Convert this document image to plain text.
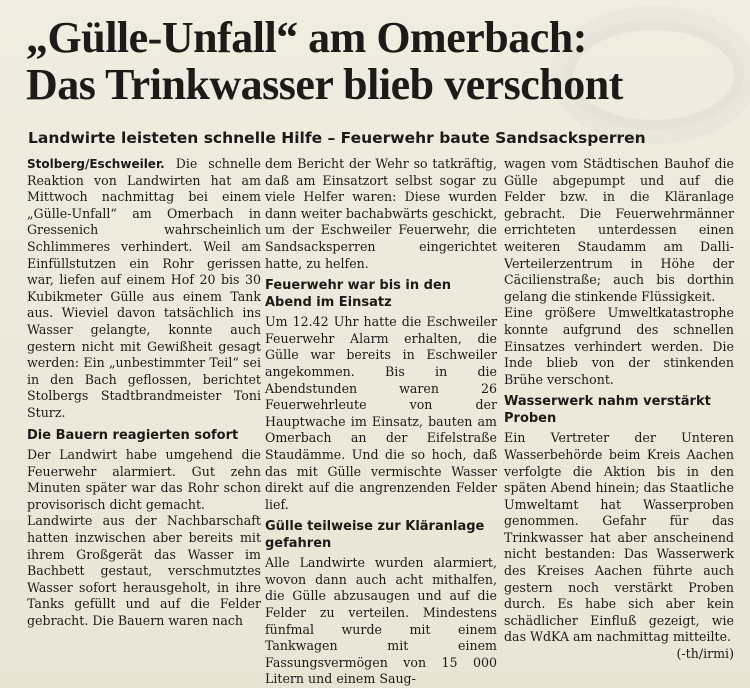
„Gülle-Unfall“ am Omerbach:
Das Trinkwasser blieb verschont
Landwirte leisteten schnelle Hilfe – Feuerwehr baute Sandsacksperren

Stolberg/Eschweiler. Die schnelle Reaktion von Landwirten hat am Mittwoch nachmittag bei einem „Gülle-Unfall“ am Omerbach in Gressenich wahrscheinlich Schlimmeres verhindert. Weil am Einfüllstutzen ein Rohr gerissen war, liefen auf einem Hof 20 bis 30 Kubikmeter Gülle aus einem Tank aus. Wieviel davon tatsächlich ins Wasser gelangte, konnte auch gestern nicht mit Gewißheit gesagt werden: Ein „unbestimmter Teil“ sei in den Bach geflossen, berichtet Stolbergs Stadtbrandmeister Toni Sturz.

Die Bauern reagierten sofort

Der Landwirt habe umgehend die Feuerwehr alarmiert. Gut zehn Minuten später war das Rohr schon provisorisch dicht gemacht.

Landwirte aus der Nachbarschaft hatten inzwischen aber bereits mit ihrem Großgerät das Wasser im Bachbett gestaut, verschmutztes Wasser sofort herausgeholt, in ihre Tanks gefüllt und auf die Felder gebracht. Die Bauern waren nach

dem Bericht der Wehr so tatkräftig, daß am Einsatzort selbst sogar zu viele Helfer waren: Diese wurden dann weiter bachabwärts geschickt, um der Eschweiler Feuerwehr, die Sandsacksperren eingerichtet hatte, zu helfen.

Feuerwehr war bis in den Abend im Einsatz

Um 12.42 Uhr hatte die Eschweiler Feuerwehr Alarm erhalten, die Gülle war bereits in Eschweiler angekommen. Bis in die Abendstunden waren 26 Feuerwehrleute von der Hauptwache im Einsatz, bauten am Omerbach an der Eifelstraße Staudämme. Und die so hoch, daß das mit Gülle vermischte Wasser direkt auf die angrenzenden Felder lief.

Gülle teilweise zur Kläranlage gefahren

Alle Landwirte wurden alarmiert, wovon dann auch acht mithalfen, die Gülle abzusaugen und auf die Felder zu verteilen. Mindestens fünfmal wurde mit einem Tankwagen mit einem Fassungsvermögen von 15 000 Litern und einem Saug-

wagen vom Städtischen Bauhof die Gülle abgepumpt und auf die Felder bzw. in die Kläranlage gebracht. Die Feuerwehrmänner errichteten unterdessen einen weiteren Staudamm am Dalli-Verteilerzentrum in Höhe der Cäcilienstraße; auch bis dorthin gelang die stinkende Flüssigkeit.

Eine größere Umweltkatastrophe konnte aufgrund des schnellen Einsatzes verhindert werden. Die Inde blieb von der stinkenden Brühe verschont.

Wasserwerk nahm verstärkt Proben

Ein Vertreter der Unteren Wasserbehörde beim Kreis Aachen verfolgte die Aktion bis in den späten Abend hinein; das Staatliche Umweltamt hat Wasserproben genommen. Gefahr für das Trinkwasser hat aber anscheinend nicht bestanden: Das Wasserwerk des Kreises Aachen führte auch gestern noch verstärkt Proben durch. Es habe sich aber kein schädlicher Einfluß gezeigt, wie das WdKA am nachmittag mitteilte.

(-th/irmi)
